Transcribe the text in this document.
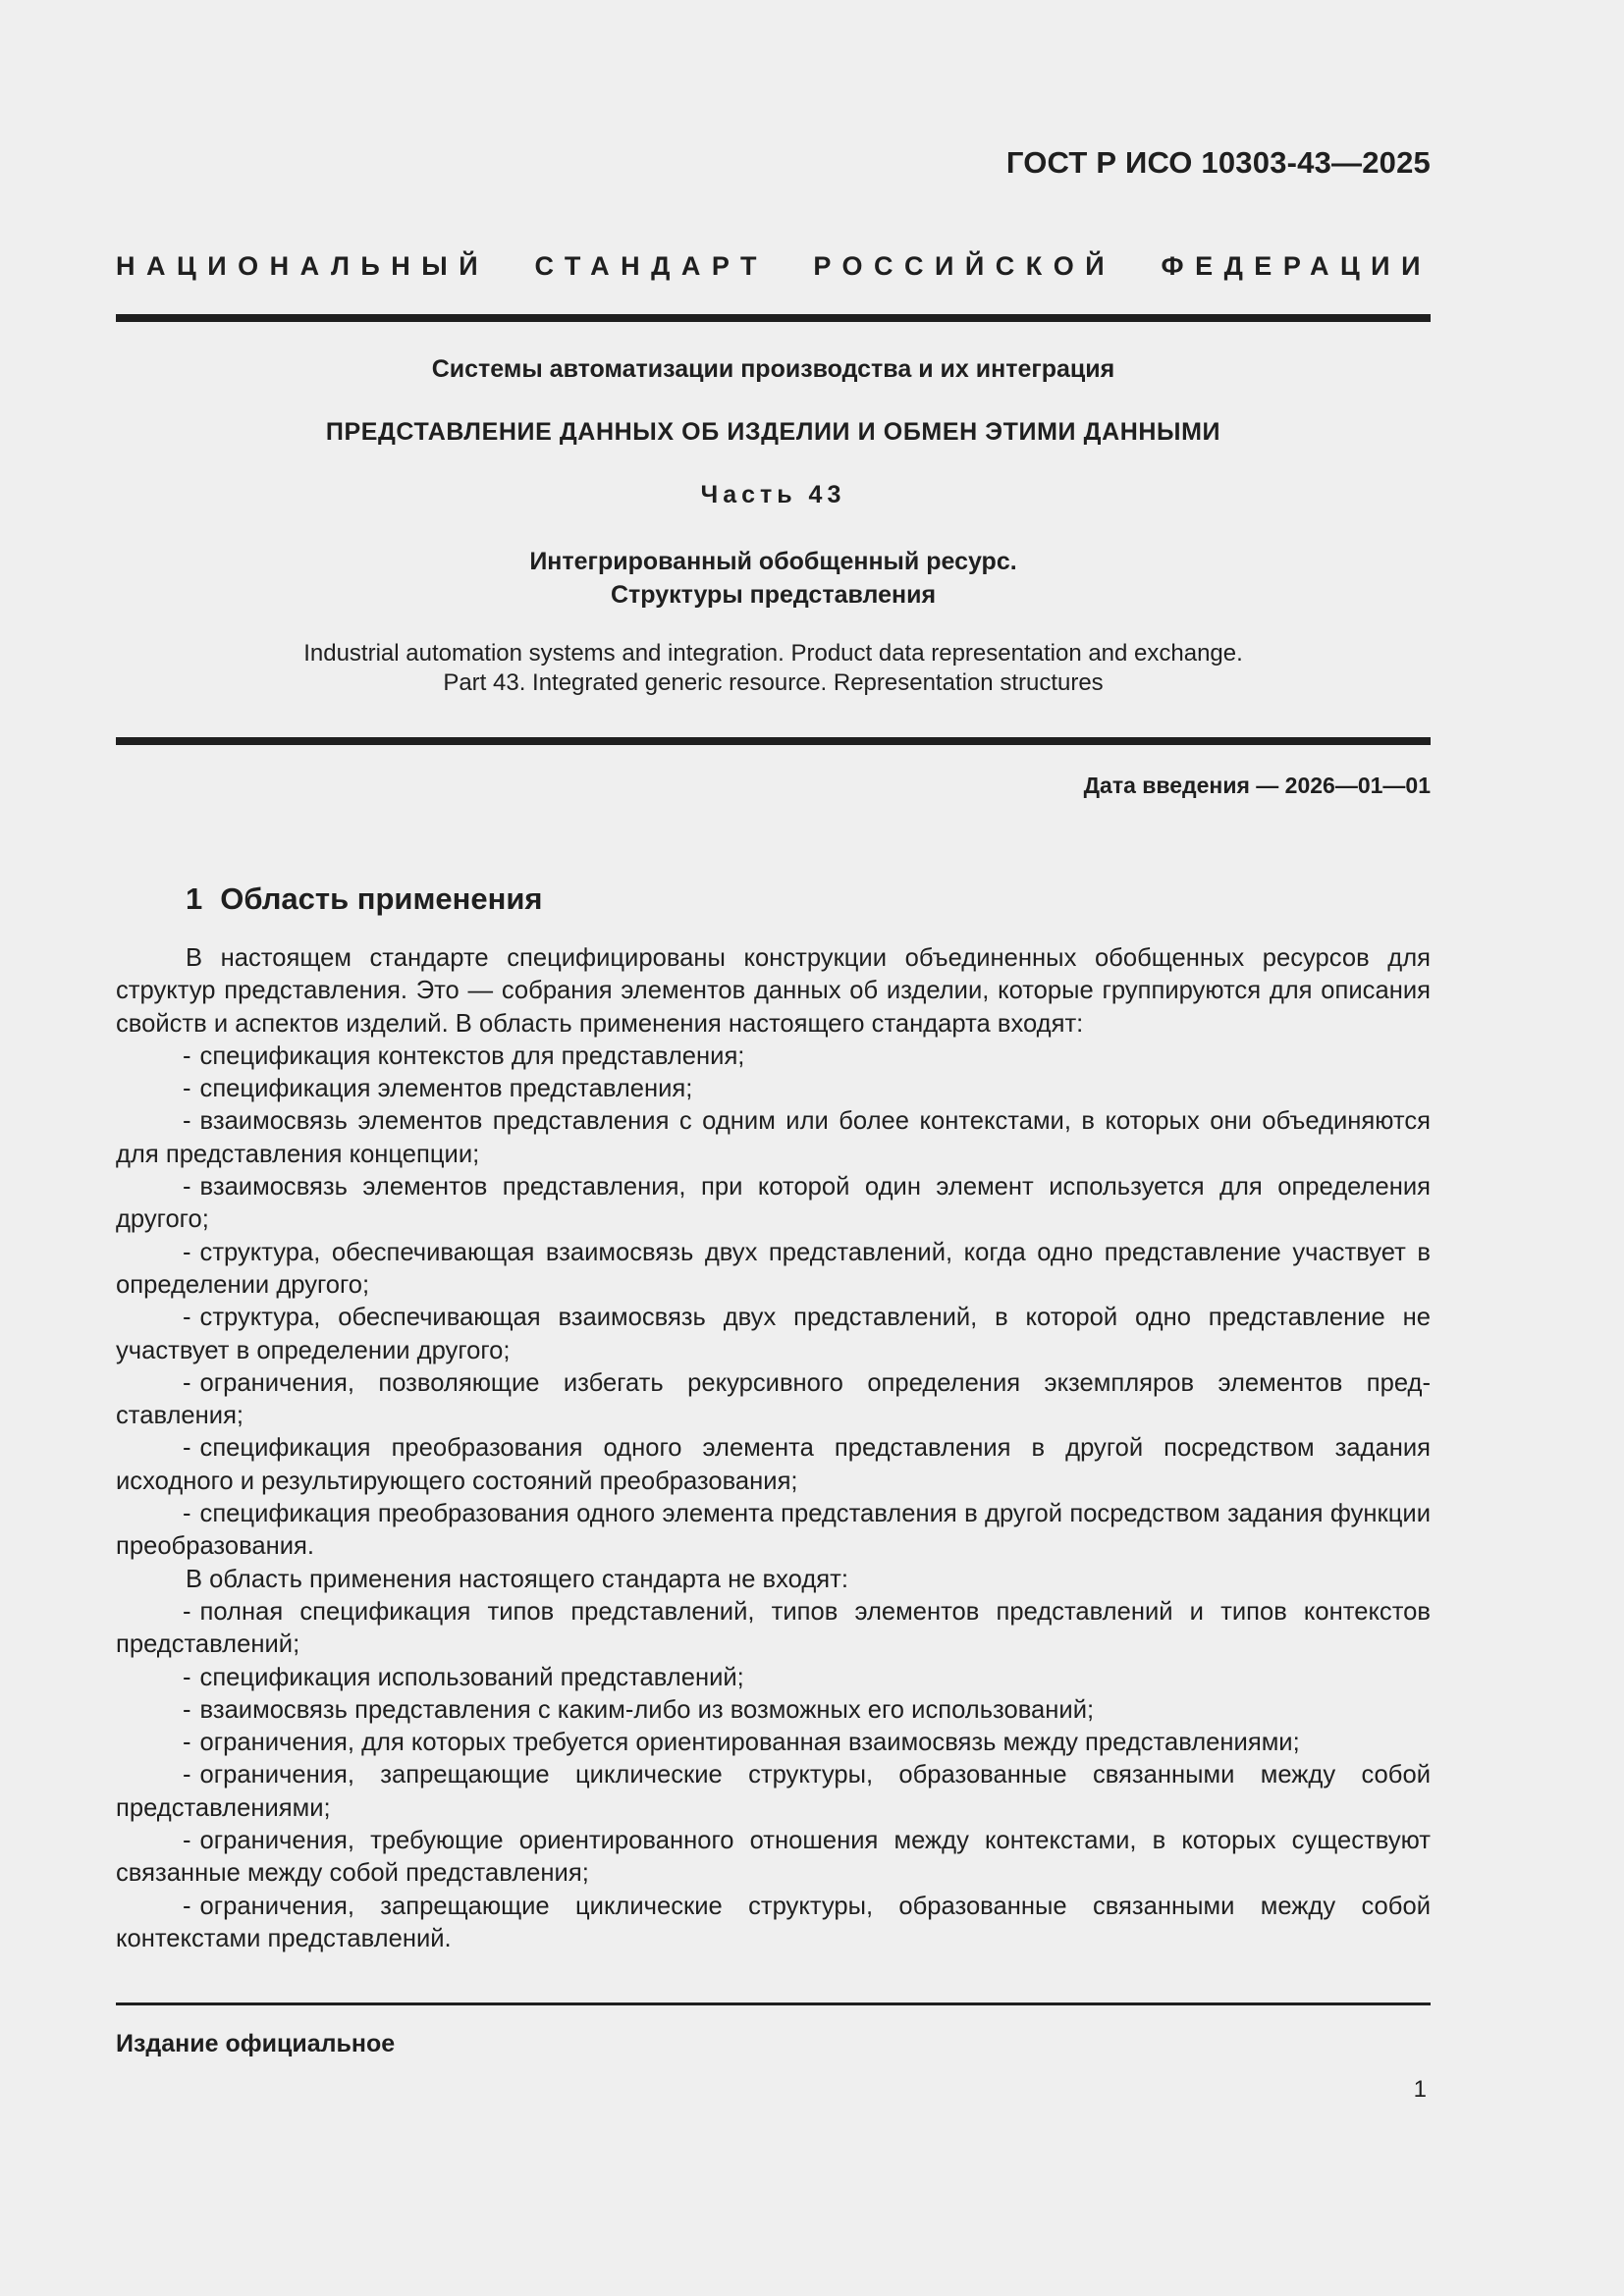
ГОСТ Р ИСО 10303-43—2025
НАЦИОНАЛЬНЫЙ СТАНДАРТ РОССИЙСКОЙ ФЕДЕРАЦИИ
Системы автоматизации производства и их интеграция
ПРЕДСТАВЛЕНИЕ ДАННЫХ ОБ ИЗДЕЛИИ И ОБМЕН ЭТИМИ ДАННЫМИ
Часть 43
Интегрированный обобщенный ресурс.
Структуры представления
Industrial automation systems and integration. Product data representation and exchange.
Part 43. Integrated generic resource. Representation structures
Дата введения — 2026—01—01
1 Область применения

В настоящем стандарте специфицированы конструкции объединенных обобщенных ресурсов для структур представления. Это — собрания элементов данных об изделии, которые группируются для описания свойств и аспектов изделий. В область применения настоящего стандарта входят:

- спецификация контекстов для представления;

- спецификация элементов представления;

- взаимосвязь элементов представления с одним или более контекстами, в которых они объединяются для представления концепции;

- взаимосвязь элементов представления, при которой один элемент используется для определения другого;

- структура, обеспечивающая взаимосвязь двух представлений, когда одно представление участвует в определении другого;

- структура, обеспечивающая взаимосвязь двух представлений, в которой одно представление не участвует в определении другого;

- ограничения, позволяющие избегать рекурсивного определения экземпляров элементов представления;

- спецификация преобразования одного элемента представления в другой посредством задания исходного и результирующего состояний преобразования;

- спецификация преобразования одного элемента представления в другой посредством задания функции преобразования.

В область применения настоящего стандарта не входят:

- полная спецификация типов представлений, типов элементов представлений и типов контекстов представлений;

- спецификация использований представлений;

- взаимосвязь представления с каким-либо из возможных его использований;

- ограничения, для которых требуется ориентированная взаимосвязь между представлениями;

- ограничения, запрещающие циклические структуры, образованные связанными между собой представлениями;

- ограничения, требующие ориентированного отношения между контекстами, в которых существуют связанные между собой представления;

- ограничения, запрещающие циклические структуры, образованные связанными между собой контекстами представлений.

Издание официальное
1
